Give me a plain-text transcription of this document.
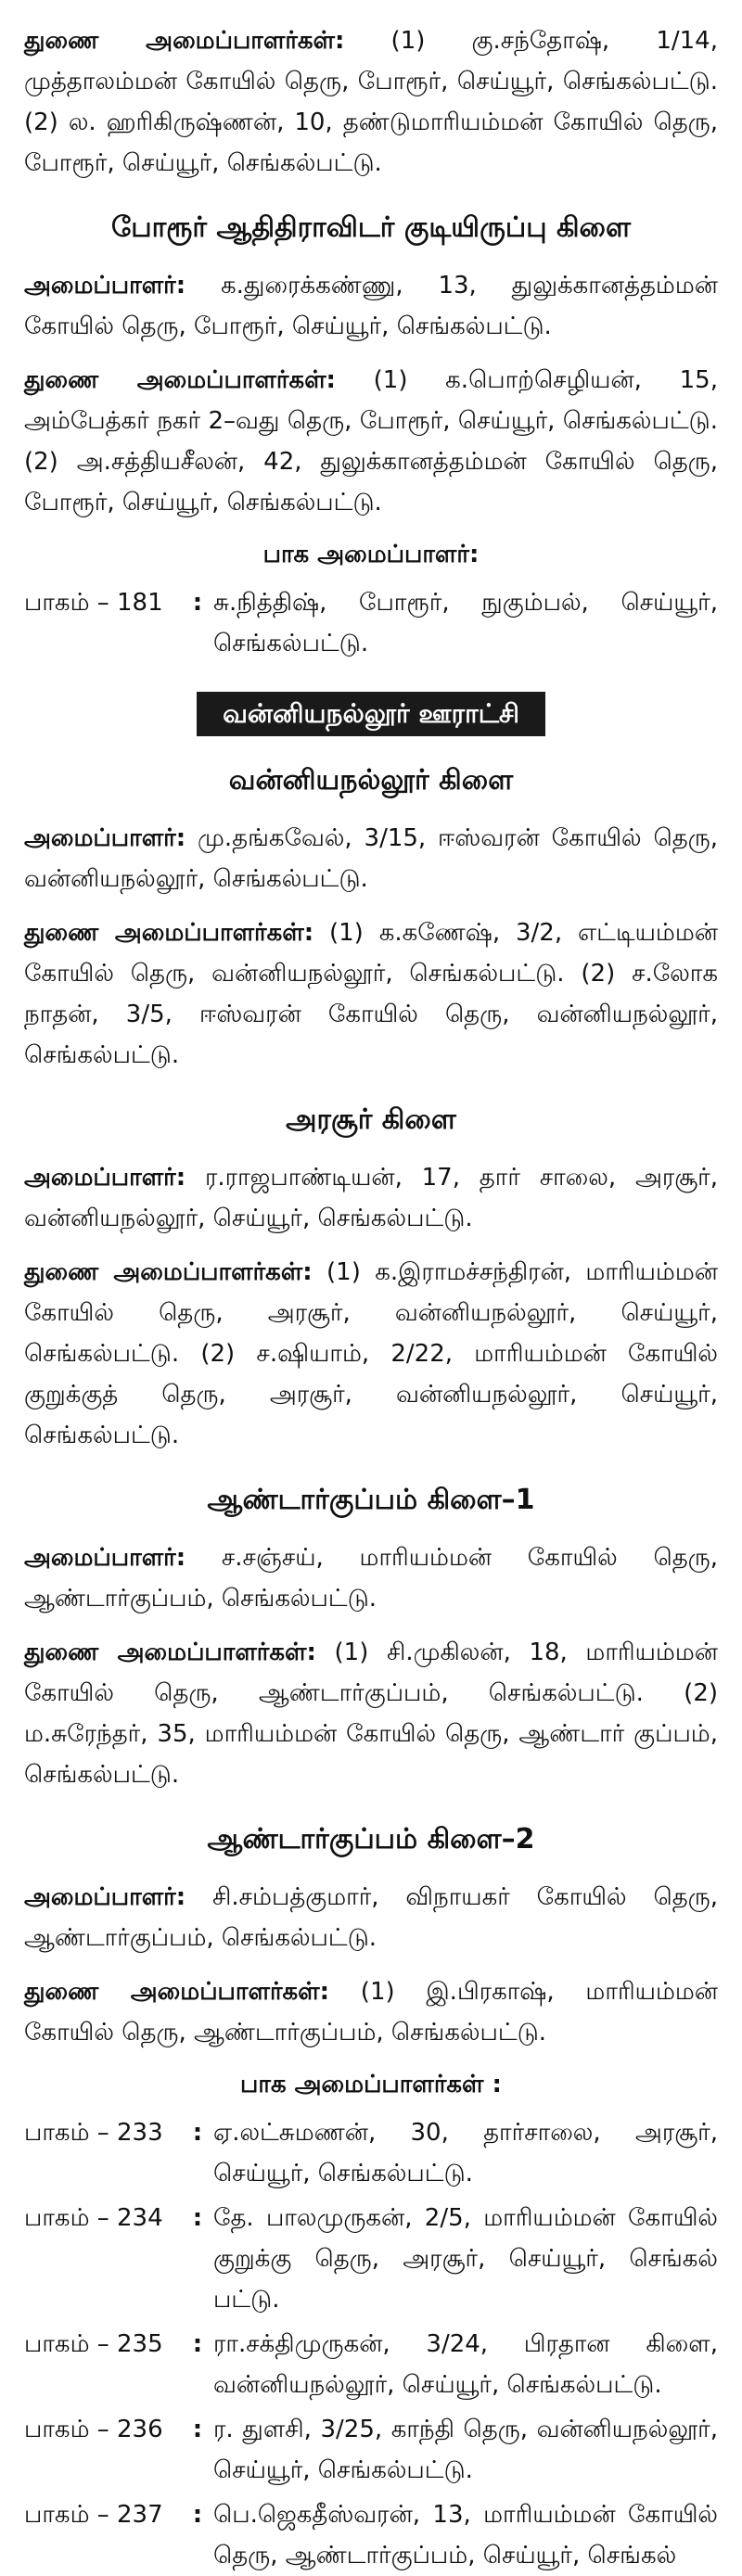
துணை அமைப்பாளர்கள்: (1) கு.சந்தோஷ், 1/14, முத்தாலம்மன் கோயில் தெரு, போரூர், செய்யூர், செங்கல்பட்டு. (2) ல. ஹரிகிருஷ்ணன், 10, தண்டுமாரியம்மன் கோயில் தெரு, போரூர், செய்யூர், செங்கல்பட்டு.

போரூர் ஆதிதிராவிடர் குடியிருப்பு கிளை

அமைப்பாளர்: க.துரைக்கண்ணு, 13, துலுக்கானத்தம்மன் கோயில் தெரு, போரூர், செய்யூர், செங்கல்பட்டு.

துணை அமைப்பாளர்கள்: (1) க.பொற்செழியன், 15, அம்பேத்கர் நகர் 2–வது தெரு, போரூர், செய்யூர், செங்கல்பட்டு. (2) அ.சத்தியசீலன், 42, துலுக்கானத்தம்மன் கோயில் தெரு, போரூர், செய்யூர், செங்கல்பட்டு.

பாக அமைப்பாளர்:
பாகம் – 181	: சு.நித்திஷ், போரூர், நுகும்பல், செய்யூர், செங்கல்பட்டு.
வன்னியநல்லூர் ஊராட்சி
வன்னியநல்லூர் கிளை

அமைப்பாளர்: மு.தங்கவேல், 3/15, ஈஸ்வரன் கோயில் தெரு, வன்னியநல்லூர், செங்கல்பட்டு.

துணை அமைப்பாளர்கள்: (1) க.கணேஷ், 3/2, எட்டியம்மன் கோயில் தெரு, வன்னியநல்லூர், செங்கல்பட்டு. (2) ச.லோக நாதன், 3/5, ஈஸ்வரன் கோயில் தெரு, வன்னியநல்லூர், செங்கல்பட்டு.

அரசூர் கிளை

அமைப்பாளர்: ர.ராஜபாண்டியன், 17, தார் சாலை, அரசூர், வன்னியநல்லூர், செய்யூர், செங்கல்பட்டு.

துணை அமைப்பாளர்கள்: (1) க.இராமச்சந்திரன், மாரியம்மன் கோயில் தெரு, அரசூர், வன்னியநல்லூர், செய்யூர், செங்கல்பட்டு. (2) ச.ஷியாம், 2/22, மாரியம்மன் கோயில் குறுக்குத் தெரு, அரசூர், வன்னியநல்லூர், செய்யூர், செங்கல்பட்டு.

ஆண்டார்குப்பம் கிளை–1

அமைப்பாளர்: ச.சஞ்சய், மாரியம்மன் கோயில் தெரு, ஆண்டார்குப்பம், செங்கல்பட்டு.

துணை அமைப்பாளர்கள்: (1) சி.முகிலன், 18, மாரியம்மன் கோயில் தெரு, ஆண்டார்குப்பம், செங்கல்பட்டு. (2) ம.சுரேந்தர், 35, மாரியம்மன் கோயில் தெரு, ஆண்டார் குப்பம், செங்கல்பட்டு.

ஆண்டார்குப்பம் கிளை–2

அமைப்பாளர்: சி.சம்பத்குமார், விநாயகர் கோயில் தெரு, ஆண்டார்குப்பம், செங்கல்பட்டு.

துணை அமைப்பாளர்கள்: (1) இ.பிரகாஷ், மாரியம்மன் கோயில் தெரு, ஆண்டார்குப்பம், செங்கல்பட்டு.

பாக அமைப்பாளர்கள் :
பாகம் – 233	: ஏ.லட்சுமணன், 30, தார்சாலை, அரசூர், செய்யூர், செங்கல்பட்டு.
பாகம் – 234	: தே. பாலமுருகன், 2/5, மாரியம்மன் கோயில் குறுக்கு தெரு, அரசூர், செய்யூர், செங்கல் பட்டு.
பாகம் – 235	: ரா.சக்திமுருகன், 3/24, பிரதான கிளை, வன்னியநல்லூர், செய்யூர், செங்கல்பட்டு.
பாகம் – 236	: ர. துளசி, 3/25, காந்தி தெரு, வன்னியநல்லூர், செய்யூர், செங்கல்பட்டு.
பாகம் – 237	: பெ.ஜெகதீஸ்வரன், 13, மாரியம்மன் கோயில் தெரு, ஆண்டார்குப்பம், செய்யூர், செங்கல்
